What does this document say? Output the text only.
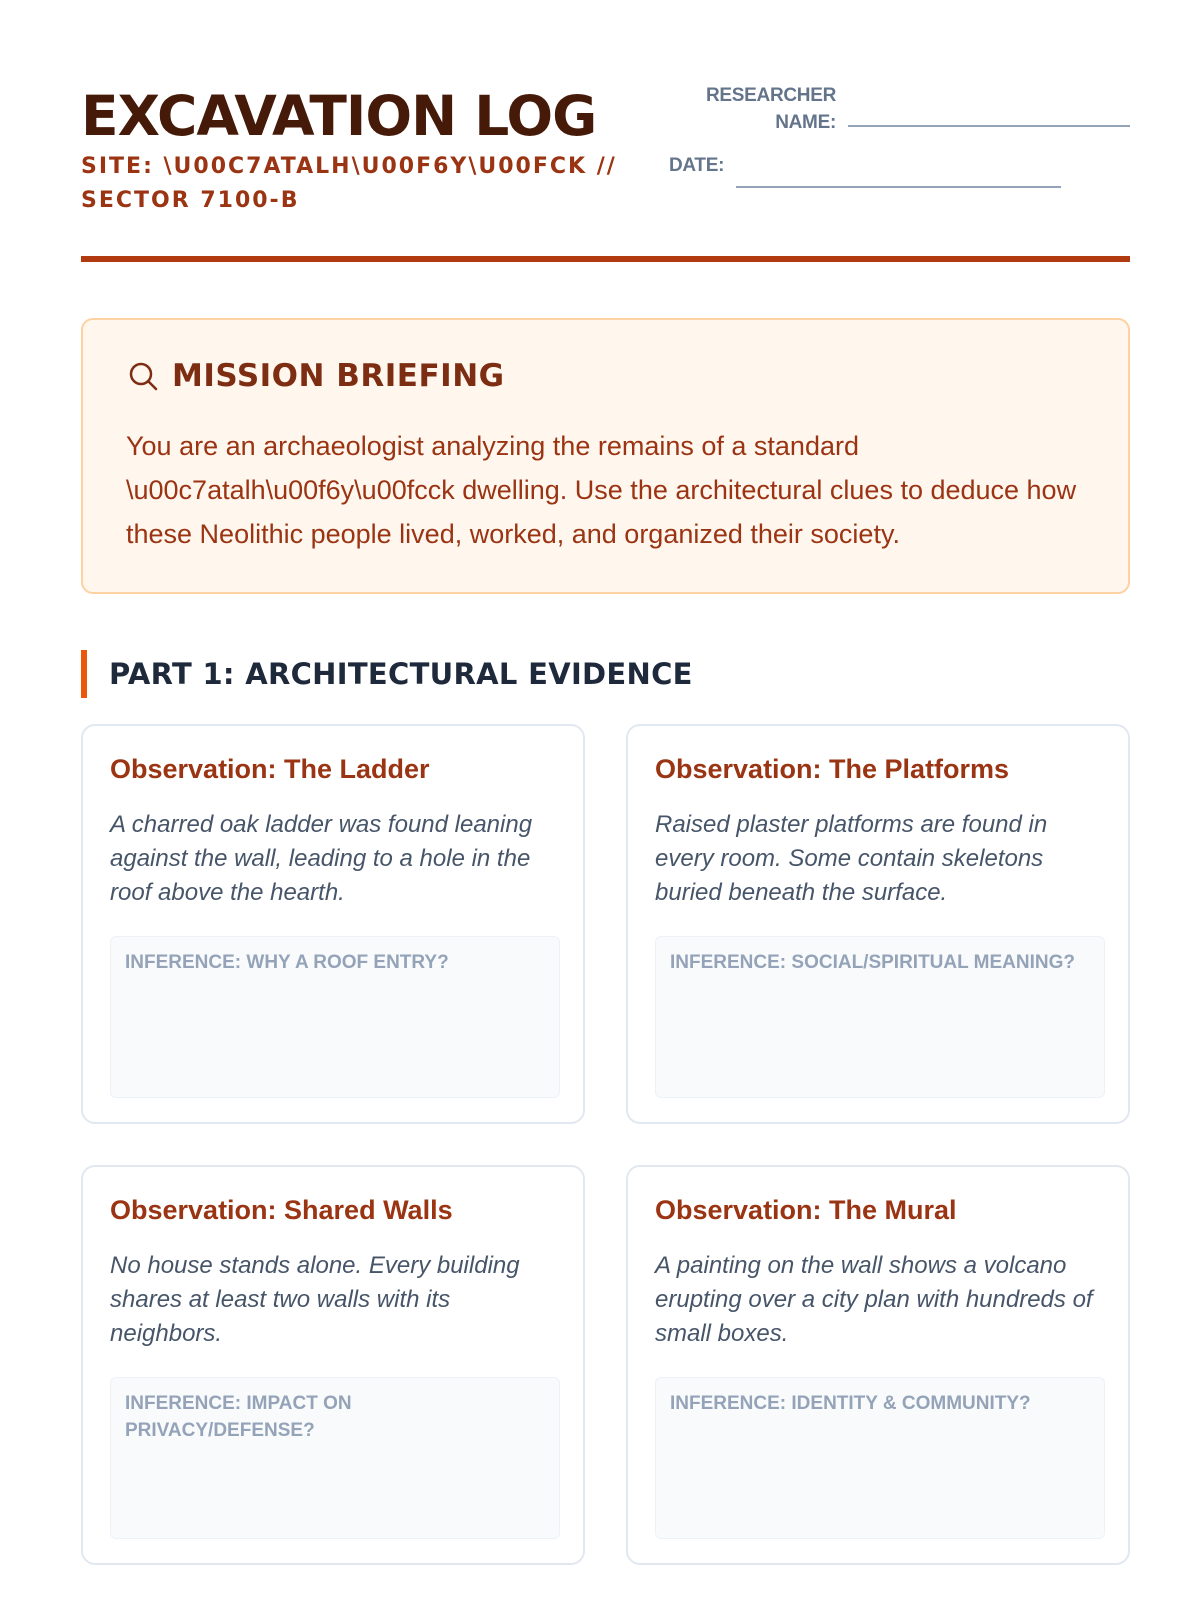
EXCAVATION LOG
SITE: \U00C7ATALH\U00F6Y\U00FCK // SECTOR 7100-B
RESEARCHER NAME:
DATE:
MISSION BRIEFING
You are an archaeologist analyzing the remains of a standard \u00c7atalh\u00f6y\u00fcck dwelling. Use the architectural clues to deduce how these Neolithic people lived, worked, and organized their society.
PART 1: ARCHITECTURAL EVIDENCE
Observation: The Ladder
A charred oak ladder was found leaning against the wall, leading to a hole in the roof above the hearth.
INFERENCE: WHY A ROOF ENTRY?
Observation: The Platforms
Raised plaster platforms are found in every room. Some contain skeletons buried beneath the surface.
INFERENCE: SOCIAL/SPIRITUAL MEANING?
Observation: Shared Walls
No house stands alone. Every building shares at least two walls with its neighbors.
INFERENCE: IMPACT ON PRIVACY/DEFENSE?
Observation: The Mural
A painting on the wall shows a volcano erupting over a city plan with hundreds of small boxes.
INFERENCE: IDENTITY & COMMUNITY?
